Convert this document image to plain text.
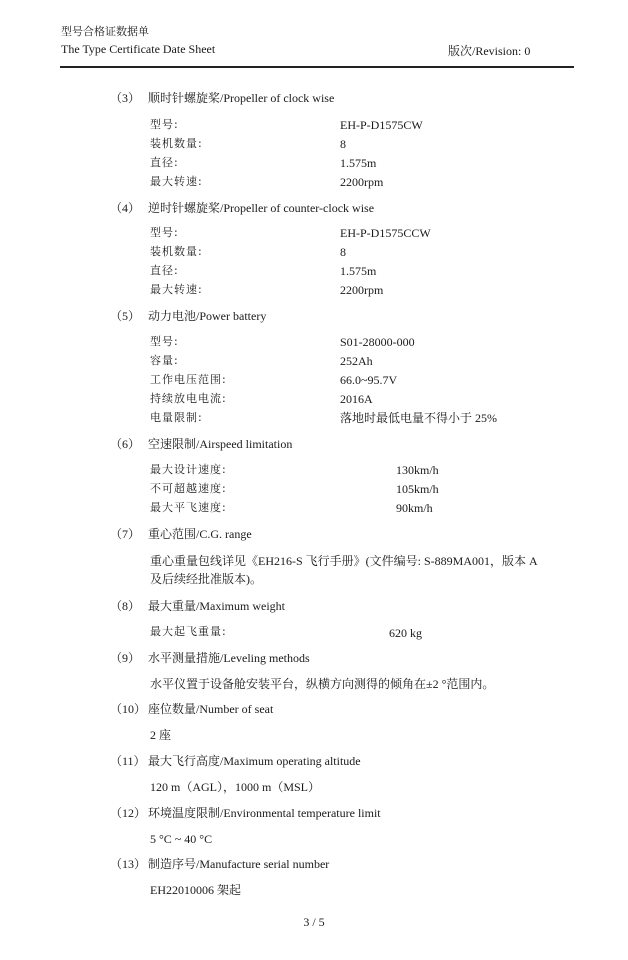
型号合格证数据单
The Type Certificate Date Sheet	版次/Revision: 0
（3） 顺时针螺旋桨/Propeller of clock wise
型号:	EH-P-D1575CW
装机数量:	8
直径:	1.575m
最大转速:	2200rpm
（4） 逆时针螺旋桨/Propeller of counter-clock wise
型号:	EH-P-D1575CCW
装机数量:	8
直径:	1.575m
最大转速:	2200rpm
（5） 动力电池/Power battery
型号:	S01-28000-000
容量:	252Ah
工作电压范围:	66.0~95.7V
持续放电电流:	2016A
电量限制:	落地时最低电量不得小于 25%
（6） 空速限制/Airspeed limitation
最大设计速度:	130km/h
不可超越速度:	105km/h
最大平飞速度:	90km/h
（7） 重心范围/C.G. range
重心重量包线详见《EH216-S 飞行手册》(文件编号: S-889MA001，版本 A
及后续经批准版本)。
（8） 最大重量/Maximum weight
最大起飞重量:	620 kg
（9） 水平测量措施/Leveling methods
水平仪置于设备舱安装平台，纵横方向测得的倾角在±2 °范围内。
（10） 座位数量/Number of seat
2 座
（11） 最大飞行高度/Maximum operating altitude
120 m（AGL），1000 m（MSL）
（12） 环境温度限制/Environmental temperature limit
5 °C ~ 40 °C
（13） 制造序号/Manufacture serial number
EH22010006 架起
3 / 5
